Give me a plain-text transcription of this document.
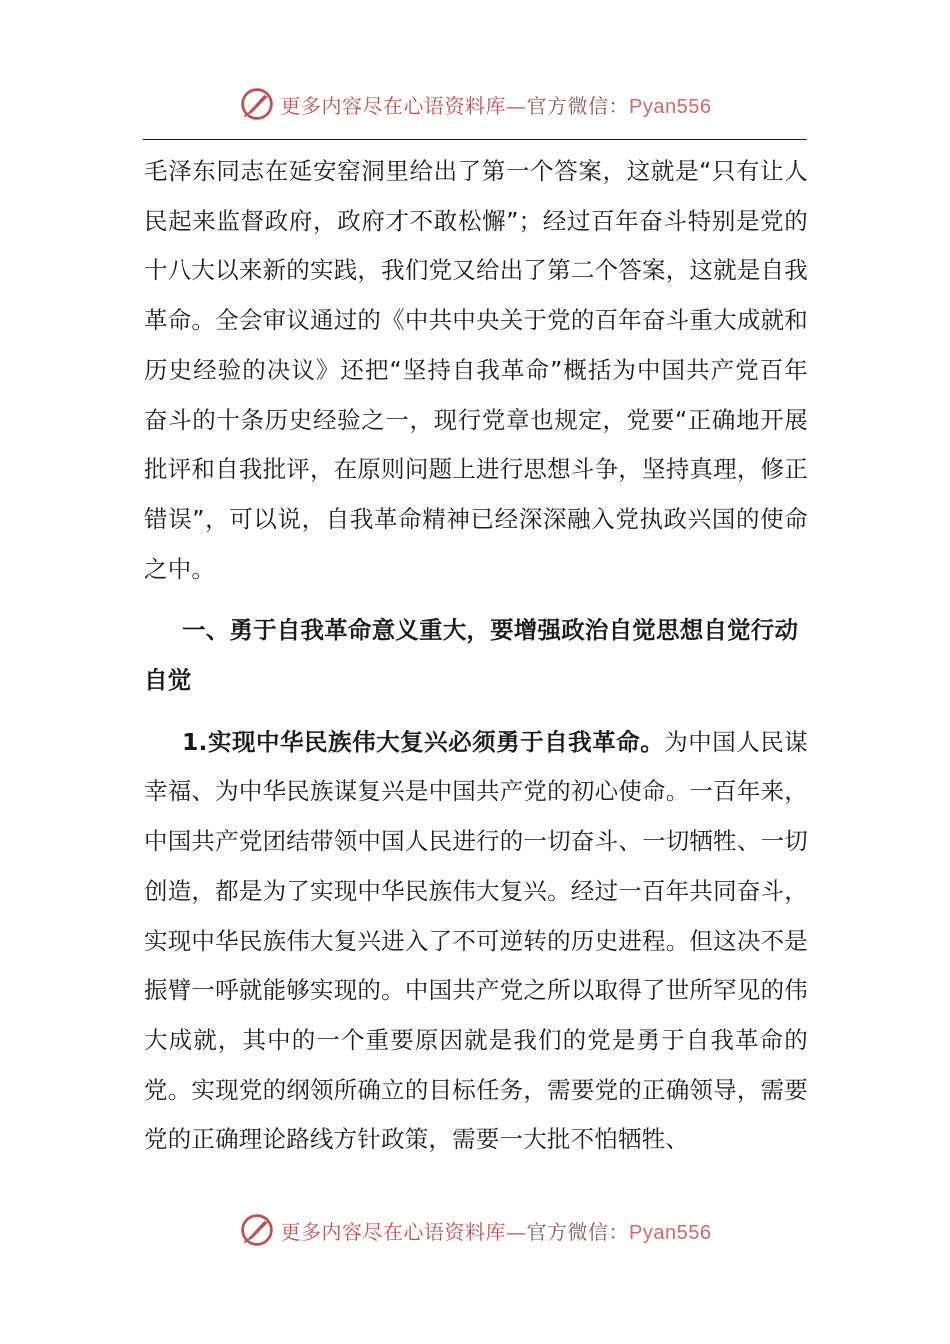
更多内容尽在心语资料库—官方微信：Pyan556

毛泽东同志在延安窑洞里给出了第一个答案，这就是“只有让人民起来监督政府，政府才不敢松懈”；经过百年奋斗特别是党的十八大以来新的实践，我们党又给出了第二个答案，这就是自我革命。全会审议通过的《中共中央关于党的百年奋斗重大成就和历史经验的决议》还把“坚持自我革命”概括为中国共产党百年奋斗的十条历史经验之一，现行党章也规定，党要“正确地开展批评和自我批评，在原则问题上进行思想斗争，坚持真理，修正错误”，可以说，自我革命精神已经深深融入党执政兴国的使命之中。

一、勇于自我革命意义重大，要增强政治自觉思想自觉行动自觉

1.实现中华民族伟大复兴必须勇于自我革命。为中国人民谋幸福、为中华民族谋复兴是中国共产党的初心使命。一百年来，中国共产党团结带领中国人民进行的一切奋斗、一切牺牲、一切创造，都是为了实现中华民族伟大复兴。经过一百年共同奋斗，实现中华民族伟大复兴进入了不可逆转的历史进程。但这决不是振臂一呼就能够实现的。中国共产党之所以取得了世所罕见的伟大成就，其中的一个重要原因就是我们的党是勇于自我革命的党。实现党的纲领所确立的目标任务，需要党的正确领导，需要党的正确理论路线方针政策，需要一大批不怕牺牲、

更多内容尽在心语资料库—官方微信：Pyan556
